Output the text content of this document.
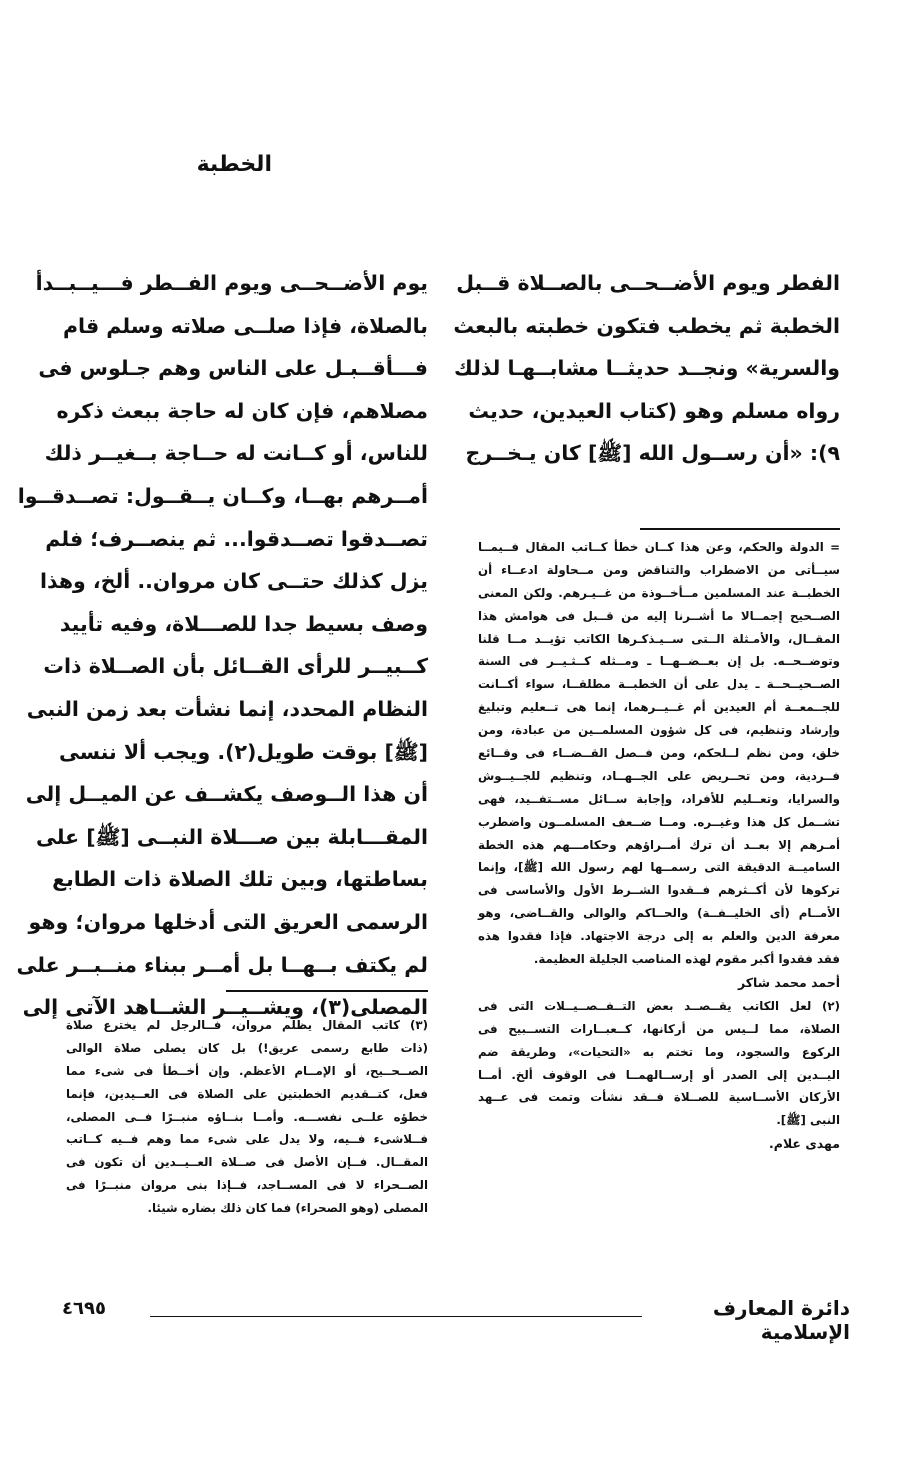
الخطبة
الفطر ويوم الأضــحــى بالصــلاة قــبل
الخطبة ثم يخطب فتكون خطبته بالبعث
والسرية» ونجــد حديثــا مشابــهـا لذلك
رواه مسلم وهو (كتاب العيدين، حديث
٩): «أن رســول الله [ﷺ] كان يـخــرج
يوم الأضــحــى ويوم الفــطر فـــيــبــدأ
بالصلاة، فإذا صلــى صلاته وسلم قام
فـــأقــبـل على الناس وهم جـلوس فى
مصلاهم، فإن كان له حاجة ببعث ذكره
للناس، أو كــانت له حــاجة بــغيــر ذلك
أمــرهم بهــا، وكــان يــقــول: تصــدقــوا
تصــدقوا تصــدقوا... ثم ينصــرف؛ فلم
يزل كذلك حتــى كان مروان.. ألخ، وهذا
وصف بسيط جدا للصـــلاة، وفيه تأييد
كــبيــر للرأى القــائل بأن الصــلاة ذات
النظام المحدد، إنما نشأت بعد زمن النبى
[ﷺ] بوقت طويل(٢). ويجب ألا ننسى
أن هذا الــوصف يكشــف عن الميــل إلى
المقـــابلة بين صـــلاة النبــى [ﷺ] على
بساطتها، وبين تلك الصلاة ذات الطابع
الرسمى العريق التى أدخلها مروان؛ وهو
لم يكتف بــهــا بل أمــر ببناء منــبــر على
المصلى(٣)، ويشــيــر الشــاهد الآتى إلى
= الدولة والحكم، وعن هذا كــان خطأ كــاتب المقال فــيمــا
سيــأتى من الاضطراب والتناقض ومن مــحاولة ادعــاء أن
الخطبــة عند المسلمين مــأخــوذة من غــيـرهم. ولكن المعنى
الصــحيح إجمــالا ما أشــرنا إليه من قــبل فى هوامش هذا
المقــال، والأمـثلة الــتى ســيـذكـرها الكاتب تؤيــد مــا قلنا
وتوضــحــه. بل إن بعــضــهــا ـ ومــثله كــثـيــر فى السنة
الصــحيــحــة ـ يدل على أن الخطبــة مطلقــا، سواء أكــانت
للجــمعــة أم العيدين أم غــيــرهما، إنما هى تــعليم وتبليغ
وإرشاد وتنظيم، فى كل شؤون المسلمــين من عبادة، ومن
خلق، ومن نظم لــلحكم، ومن فــصل القــضــاء فى وقــائع
فــردية، ومن تحــريض على الجــهــاد، وتنظيم للجــيــوش
والسرايا، وتعــليم للأفراد، وإجابة ســائل مســتفــيد، فهى
تشــمل كل هذا وغيــره. ومــا ضــعف المسلمــون واضطرب
أمـرهم إلا بعــد أن ترك أمــراؤهم وحكامـــهم هذه الخطة
الساميــة الدقيقة التى رسمــها لهم رسول الله [ﷺ]، وإنما
تركوها لأن أكــثرهم فــقدوا الشــرط الأول والأساسى فى
الأمــام (أى الخليــفــة) والحــاكم والوالى والقــاضى، وهو
معرفة الدين والعلم به إلى درجة الاجتهاد. فإذا فقدوا هذه
فقد فقدوا أكبر مقوم لهذه المناصب الجليلة العظيمة.
أحمد محمد شاكر
(٢) لعل الكاتب يقــصــد بعض التــفــصــيــلات التى فى
الصلاة، مما لــيس من أركانها، كــعبــارات التســبيح فى
الركوع والسجود، وما تختم به «التحيات»، وطريقة ضم
اليــدين إلى الصدر أو إرســالهمــا فى الوقوف ألخ. أمــا
الأركان الأســاسية للصــلاة فــقد نشأت وتمت فى عــهد
النبى [ﷺ].
مهدى علام.
(٣) كاتب المقال يظلم مروان، فــالرجل لم يخترع صلاة
(ذات طابع رسمى عريق!) بل كان يصلى صلاة الوالى
الصــحــيح، أو الإمــام الأعظم. وإن أخــطأ فى شىء مما
فعل، كتــقديم الخطبتين على الصلاة فى العــيدين، فإنما
خطؤه علــى نفســـه. وأمــا بنــاؤه منبــرًا فــى المصلى،
فــلاشىء فــيه، ولا يدل على شىء مما وهم فــيه كــاتب
المقــال. فــإن الأصل فى صــلاة العــيــدين أن تكون فى
الصــحراء لا فى المســاجد، فــإذا بنى مروان منبــرًا فى
المصلى (وهو الصحراء) فما كان ذلك بضاره شيئا.
دائرة المعارف الإسلامية
٤٦٩٥
